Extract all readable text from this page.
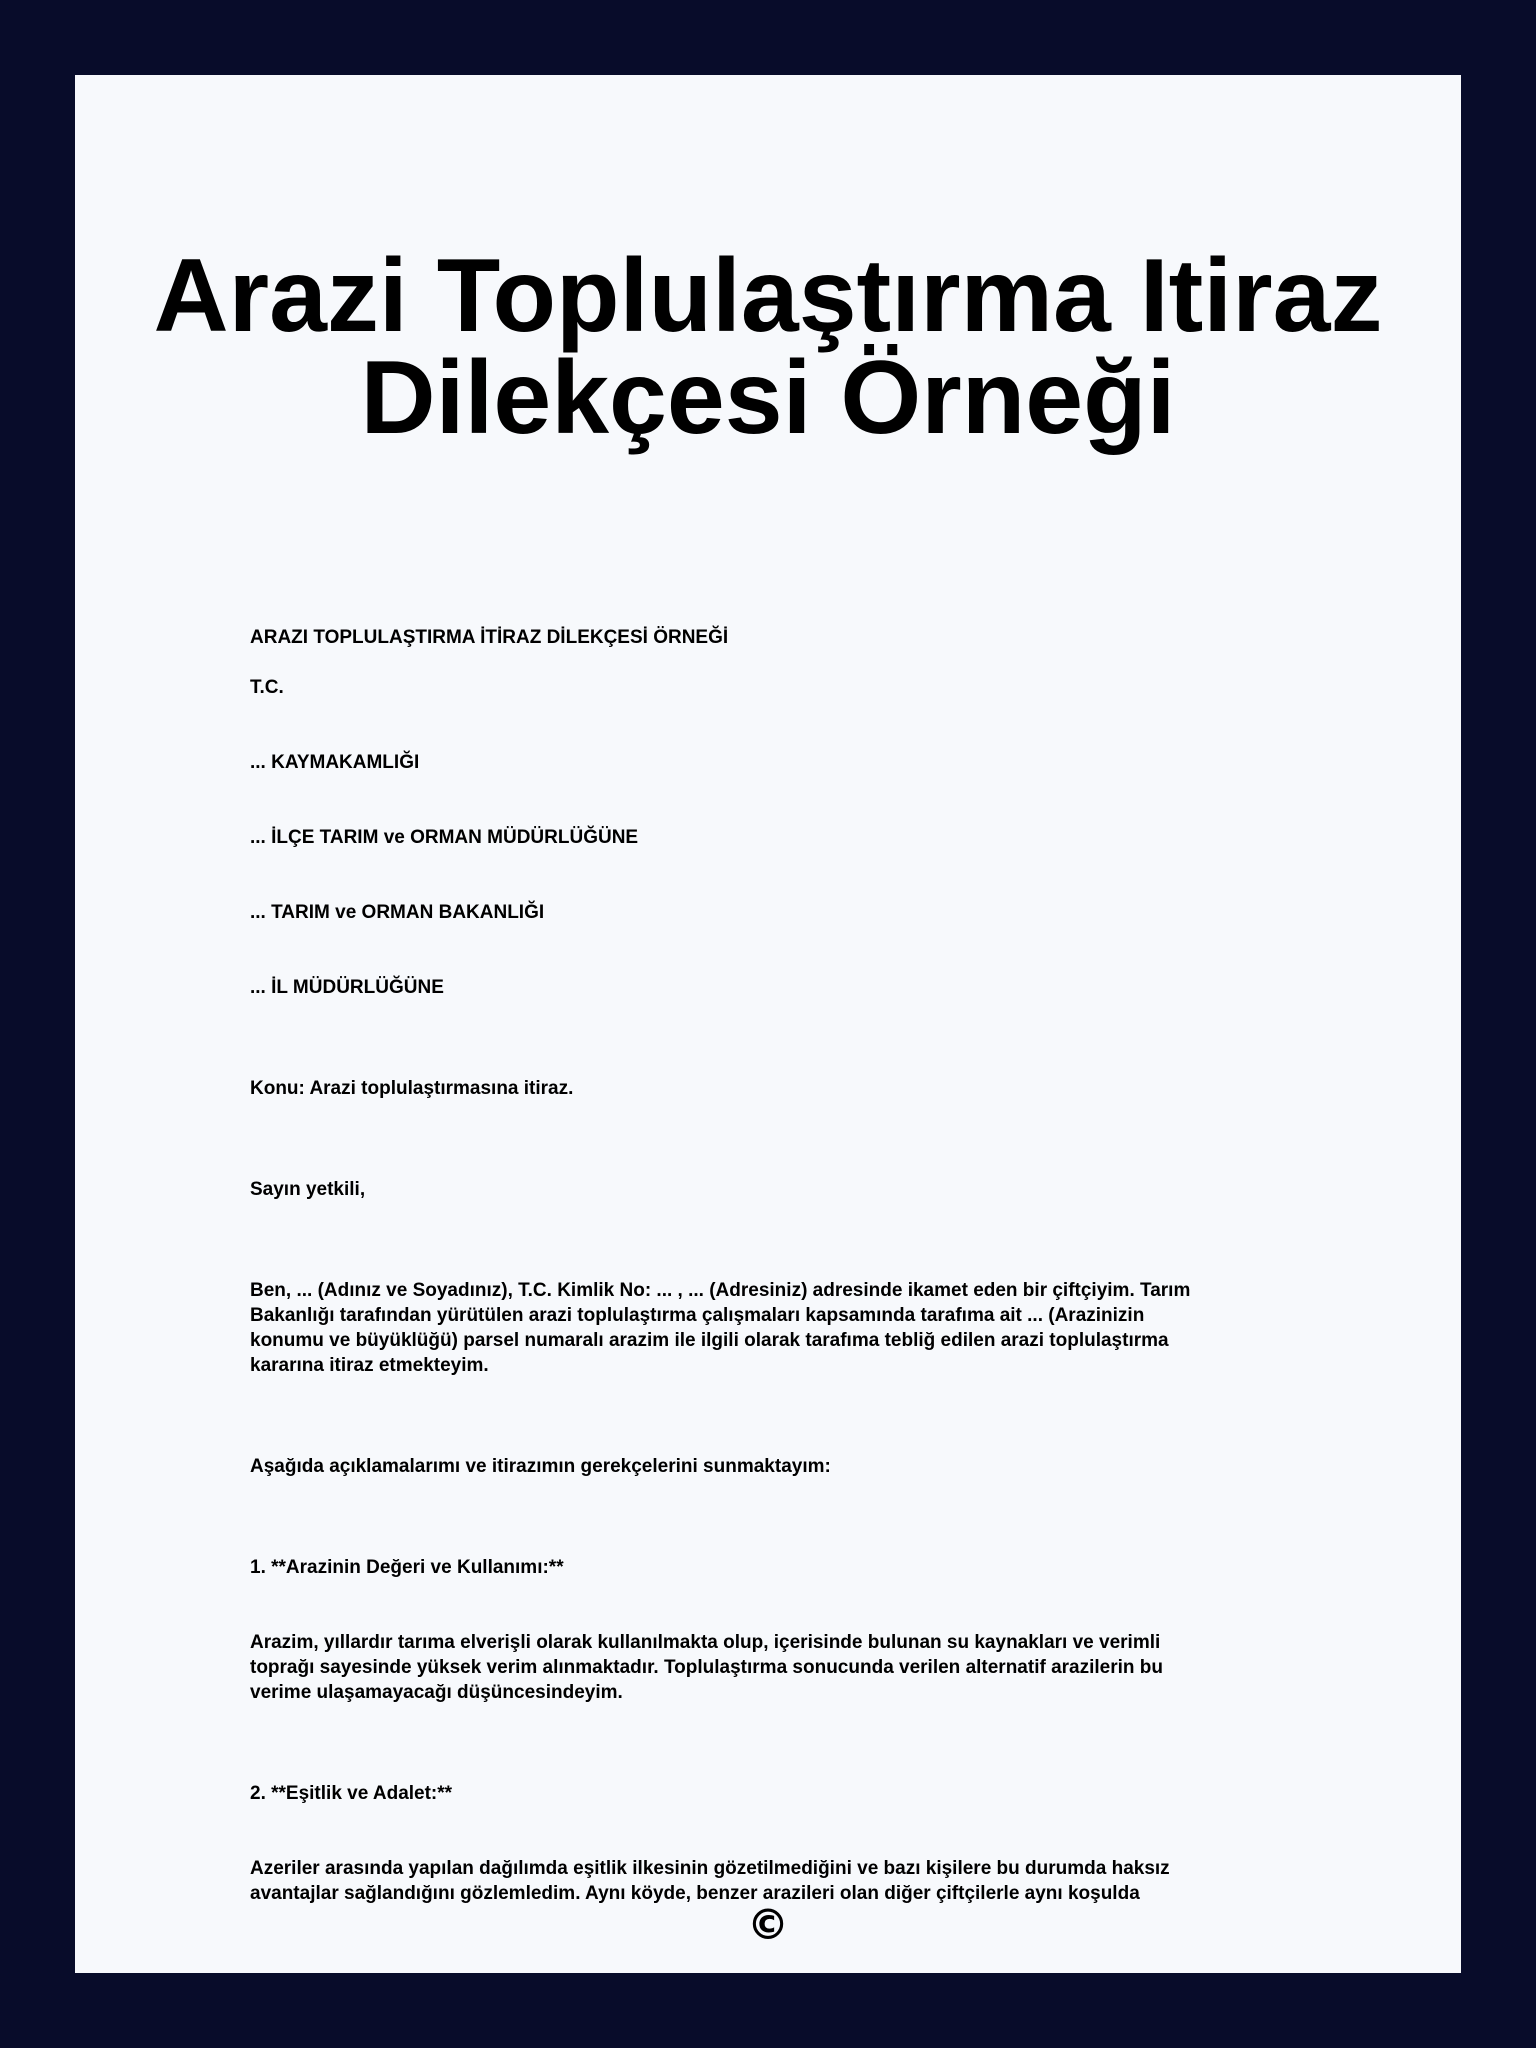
Arazi Toplulaştırma Itiraz Dilekçesi Örneği

ARAZI TOPLULAŞTIRMA İTİRAZ DİLEKÇESİ ÖRNEĞİ

T.C.

... KAYMAKAMLIĞI

... İLÇE TARIM ve ORMAN MÜDÜRLÜĞÜNE

... TARIM ve ORMAN BAKANLIĞI

... İL MÜDÜRLÜĞÜNE

Konu: Arazi toplulaştırmasına itiraz.

Sayın yetkili,

Ben, ... (Adınız ve Soyadınız), T.C. Kimlik No: ... , ... (Adresiniz) adresinde ikamet eden bir çiftçiyim. Tarım
Bakanlığı tarafından yürütülen arazi toplulaştırma çalışmaları kapsamında tarafıma ait ... (Arazinizin
konumu ve büyüklüğü) parsel numaralı arazim ile ilgili olarak tarafıma tebliğ edilen arazi toplulaştırma
kararına itiraz etmekteyim.

Aşağıda açıklamalarımı ve itirazımın gerekçelerini sunmaktayım:

1. **Arazinin Değeri ve Kullanımı:**

Arazim, yıllardır tarıma elverişli olarak kullanılmakta olup, içerisinde bulunan su kaynakları ve verimli
toprağı sayesinde yüksek verim alınmaktadır. Toplulaştırma sonucunda verilen alternatif arazilerin bu
verime ulaşamayacağı düşüncesindeyim.

2. **Eşitlik ve Adalet:**

Azeriler arasında yapılan dağılımda eşitlik ilkesinin gözetilmediğini ve bazı kişilere bu durumda haksız
avantajlar sağlandığını gözlemledim. Aynı köyde, benzer arazileri olan diğer çiftçilerle aynı koşulda

©
